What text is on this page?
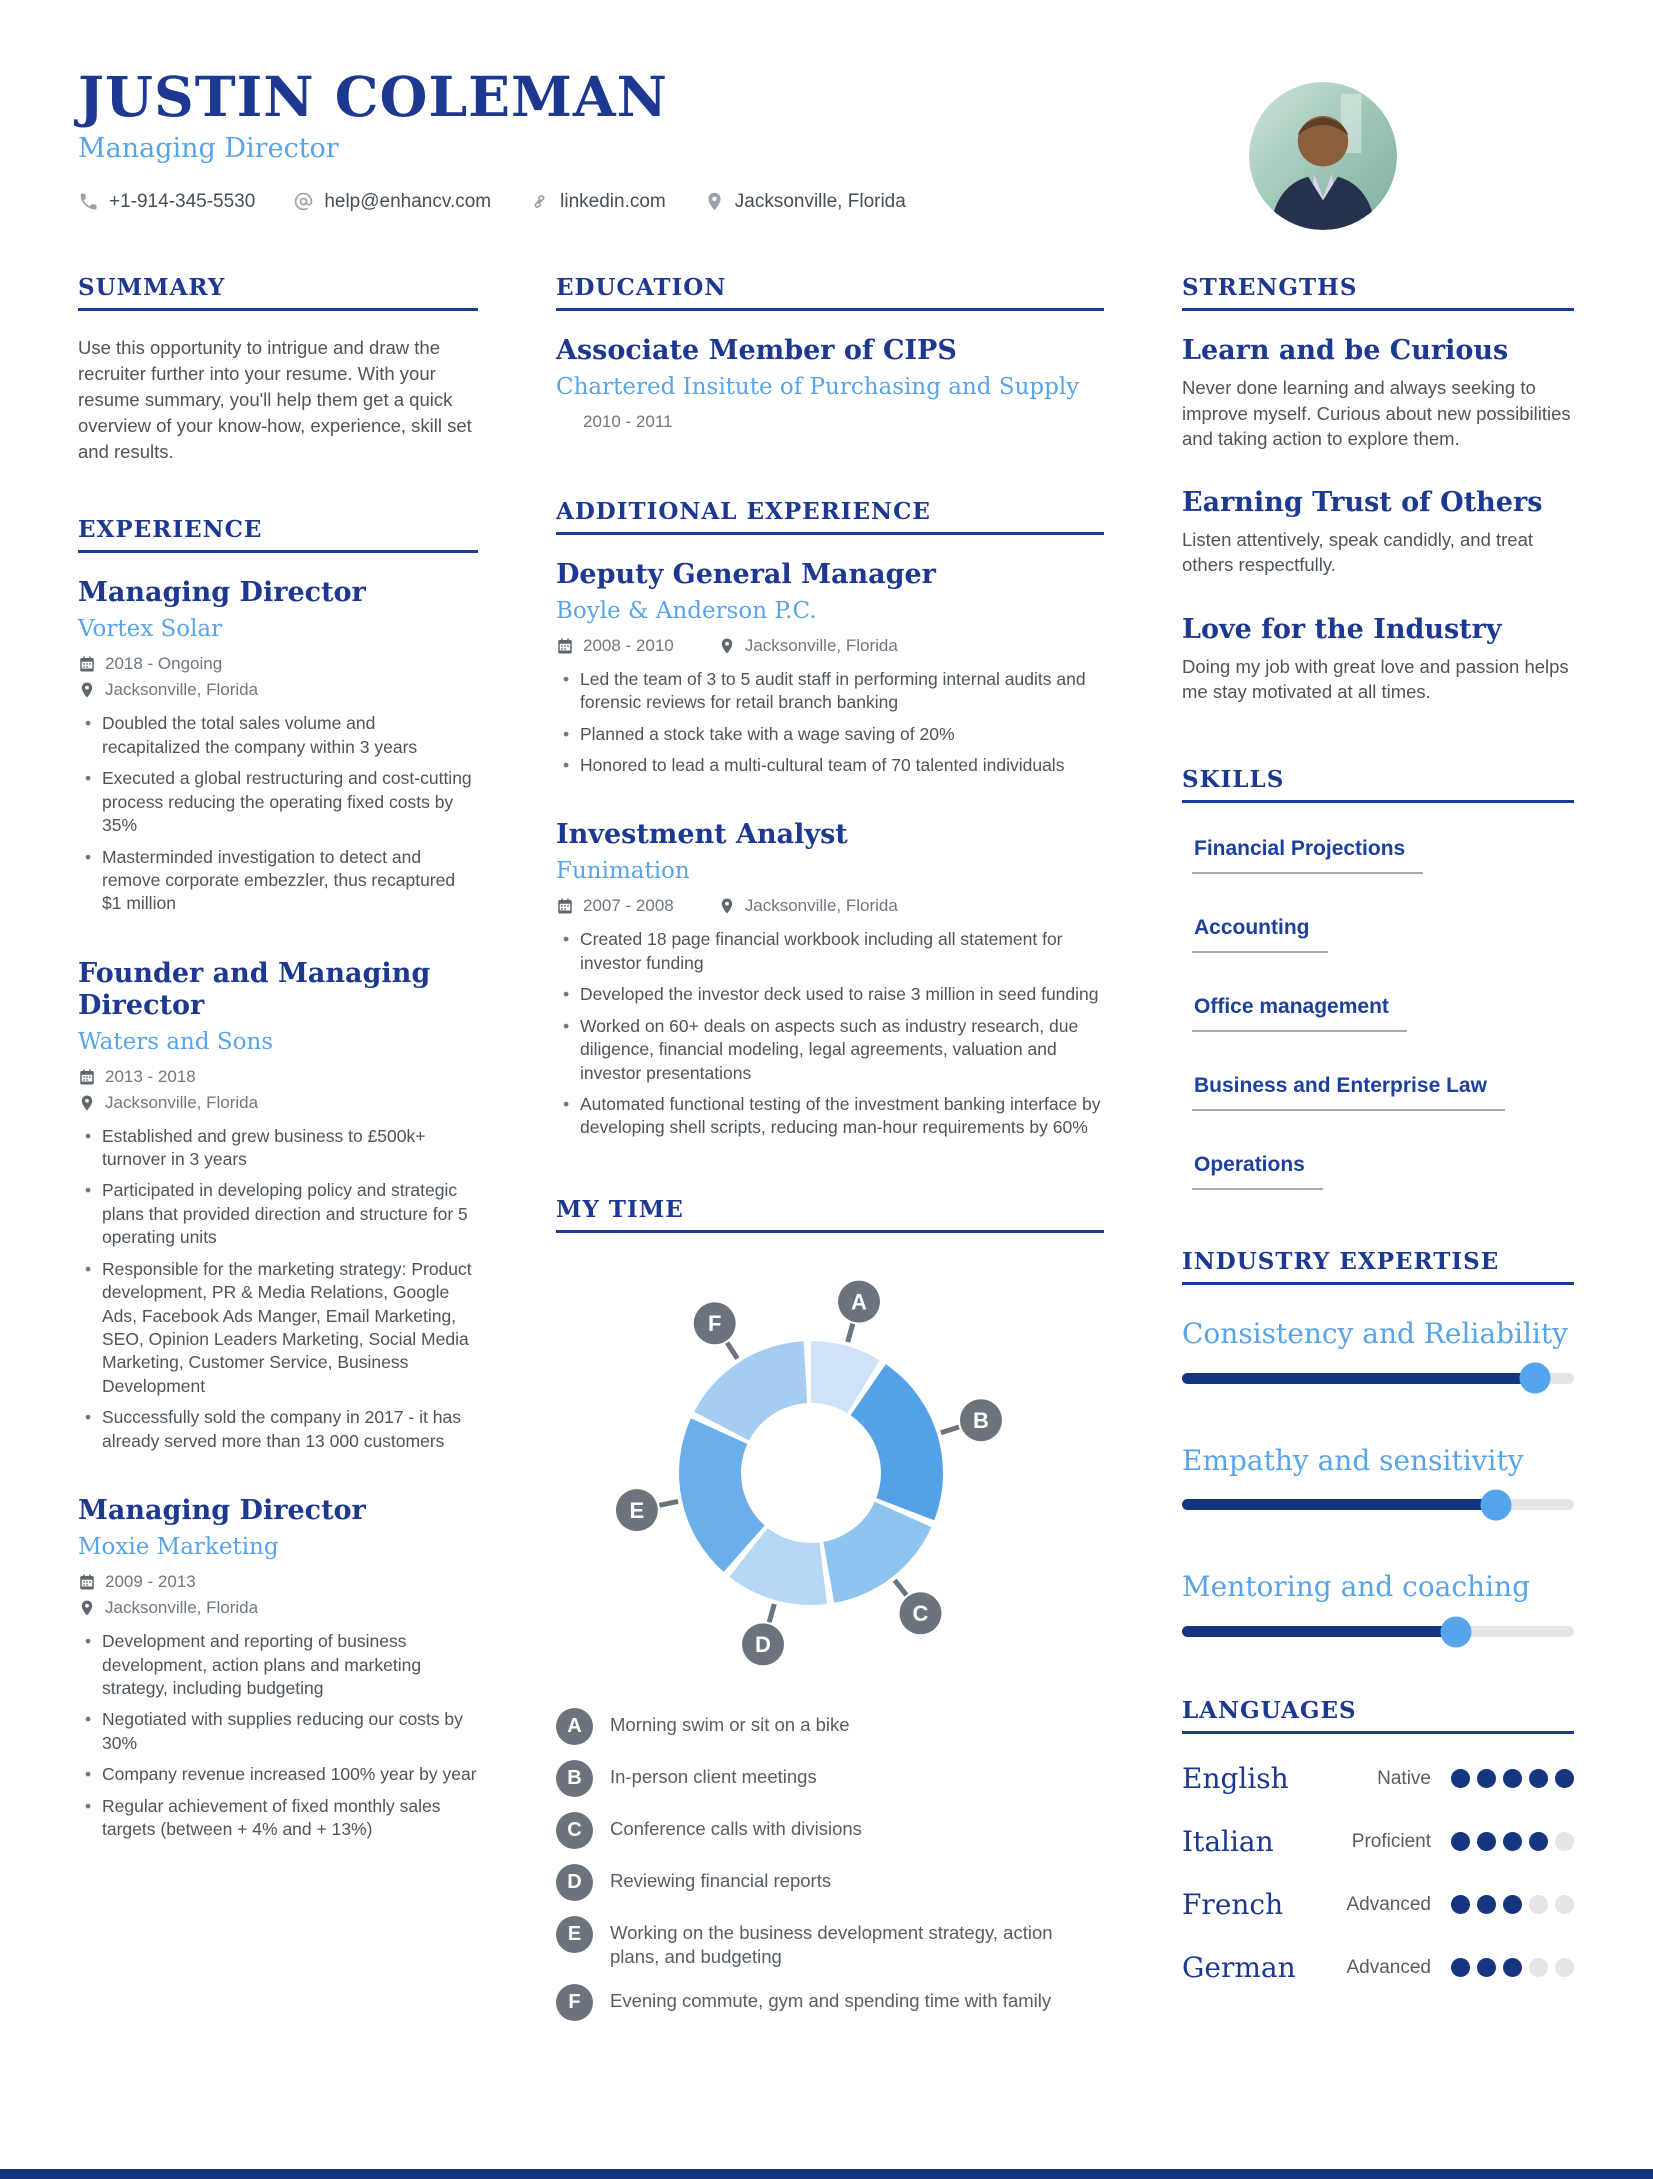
JUSTIN COLEMAN
Managing Director
+1-914-345-5530	help@enhancv.com	linkedin.com	Jacksonville, Florida
SUMMARY

Use this opportunity to intrigue and draw the recruiter further into your resume. With your resume summary, you'll help them get a quick overview of your know-how, experience, skill set and results.

EXPERIENCE
Managing Director
Vortex Solar
2018 - Ongoing
Jacksonville, Florida
• Doubled the total sales volume and recapitalized the company within 3 years
• Executed a global restructuring and cost-cutting process reducing the operating fixed costs by 35%
• Masterminded investigation to detect and remove corporate embezzler, thus recaptured $1 million
Founder and Managing Director
Waters and Sons
2013 - 2018
Jacksonville, Florida
• Established and grew business to £500k+ turnover in 3 years
• Participated in developing policy and strategic plans that provided direction and structure for 5 operating units
• Responsible for the marketing strategy: Product development, PR & Media Relations, Google Ads, Facebook Ads Manger, Email Marketing, SEO, Opinion Leaders Marketing, Social Media Marketing, Customer Service, Business Development
• Successfully sold the company in 2017 - it has already served more than 13 000 customers
Managing Director
Moxie Marketing
2009 - 2013
Jacksonville, Florida
• Development and reporting of business development, action plans and marketing strategy, including budgeting
• Negotiated with supplies reducing our costs by 30%
• Company revenue increased 100% year by year
• Regular achievement of fixed monthly sales targets (between + 4% and + 13%)
EDUCATION
Associate Member of CIPS
Chartered Insitute of Purchasing and Supply
2010 - 2011
ADDITIONAL EXPERIENCE
Deputy General Manager
Boyle & Anderson P.C.
2008 - 2010	Jacksonville, Florida
• Led the team of 3 to 5 audit staff in performing internal audits and forensic reviews for retail branch banking
• Planned a stock take with a wage saving of 20%
• Honored to lead a multi-cultural team of 70 talented individuals
Investment Analyst
Funimation
2007 - 2008	Jacksonville, Florida
• Created 18 page financial workbook including all statement for investor funding
• Developed the investor deck used to raise 3 million in seed funding
• Worked on 60+ deals on aspects such as industry research, due diligence, financial modeling, legal agreements, valuation and investor presentations
• Automated functional testing of the investment banking interface by developing shell scripts, reducing man-hour requirements by 60%
MY TIME
A
B
C
D
E
F
A	Morning swim or sit on a bike
B	In-person client meetings
C	Conference calls with divisions
D	Reviewing financial reports
E	Working on the business development strategy, action plans, and budgeting
F	Evening commute, gym and spending time with family
STRENGTHS
Learn and be Curious

Never done learning and always seeking to improve myself. Curious about new possibilities and taking action to explore them.

Earning Trust of Others

Listen attentively, speak candidly, and treat others respectfully.

Love for the Industry

Doing my job with great love and passion helps me stay motivated at all times.

SKILLS
Financial Projections
Accounting
Office management
Business and Enterprise Law
Operations
INDUSTRY EXPERTISE
Consistency and Reliability
Empathy and sensitivity
Mentoring and coaching
LANGUAGES
English	Native
Italian	Proficient
French	Advanced
German	Advanced
